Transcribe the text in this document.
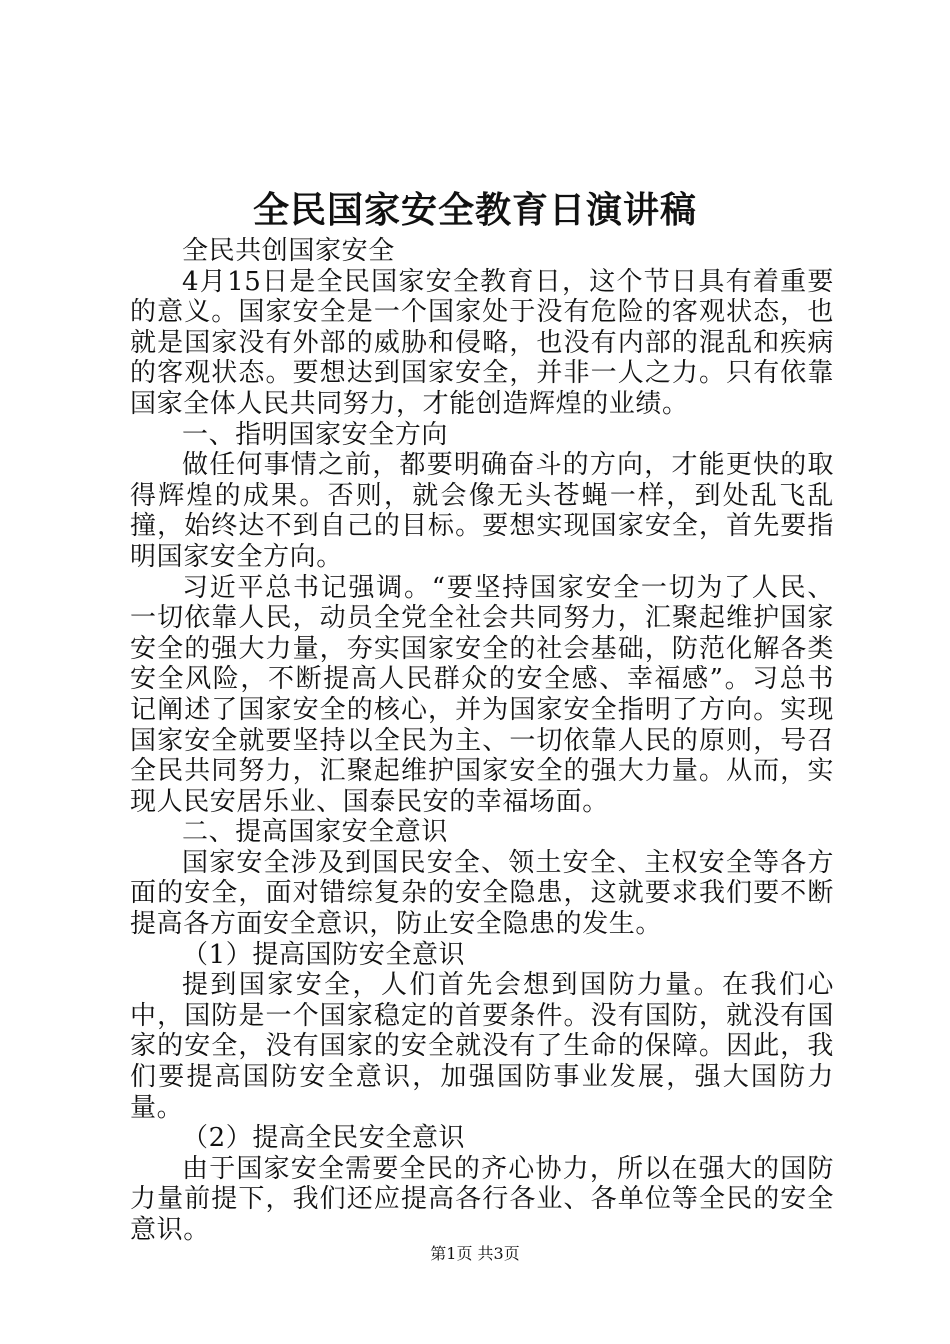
全民国家安全教育日演讲稿

全民共创国家安全

4月15日是全民国家安全教育日，这个节日具有着重要的意义。国家安全是一个国家处于没有危险的客观状态，也就是国家没有外部的威胁和侵略，也没有内部的混乱和疾病的客观状态。要想达到国家安全，并非一人之力。只有依靠国家全体人民共同努力，才能创造辉煌的业绩。

一、指明国家安全方向

做任何事情之前，都要明确奋斗的方向，才能更快的取得辉煌的成果。否则，就会像无头苍蝇一样，到处乱飞乱撞，始终达不到自己的目标。要想实现国家安全，首先要指明国家安全方向。

习近平总书记强调。“要坚持国家安全一切为了人民、一切依靠人民，动员全党全社会共同努力，汇聚起维护国家安全的强大力量，夯实国家安全的社会基础，防范化解各类安全风险，不断提高人民群众的安全感、幸福感”。习总书记阐述了国家安全的核心，并为国家安全指明了方向。实现国家安全就要坚持以全民为主、一切依靠人民的原则，号召全民共同努力，汇聚起维护国家安全的强大力量。从而，实现人民安居乐业、国泰民安的幸福场面。

二、提高国家安全意识

国家安全涉及到国民安全、领土安全、主权安全等各方面的安全，面对错综复杂的安全隐患，这就要求我们要不断提高各方面安全意识，防止安全隐患的发生。

（1）提高国防安全意识

提到国家安全，人们首先会想到国防力量。在我们心中，国防是一个国家稳定的首要条件。没有国防，就没有国家的安全，没有国家的安全就没有了生命的保障。因此，我们要提高国防安全意识，加强国防事业发展，强大国防力量。

（2）提高全民安全意识

由于国家安全需要全民的齐心协力，所以在强大的国防力量前提下，我们还应提高各行各业、各单位等全民的安全意识。

第1页 共3页
